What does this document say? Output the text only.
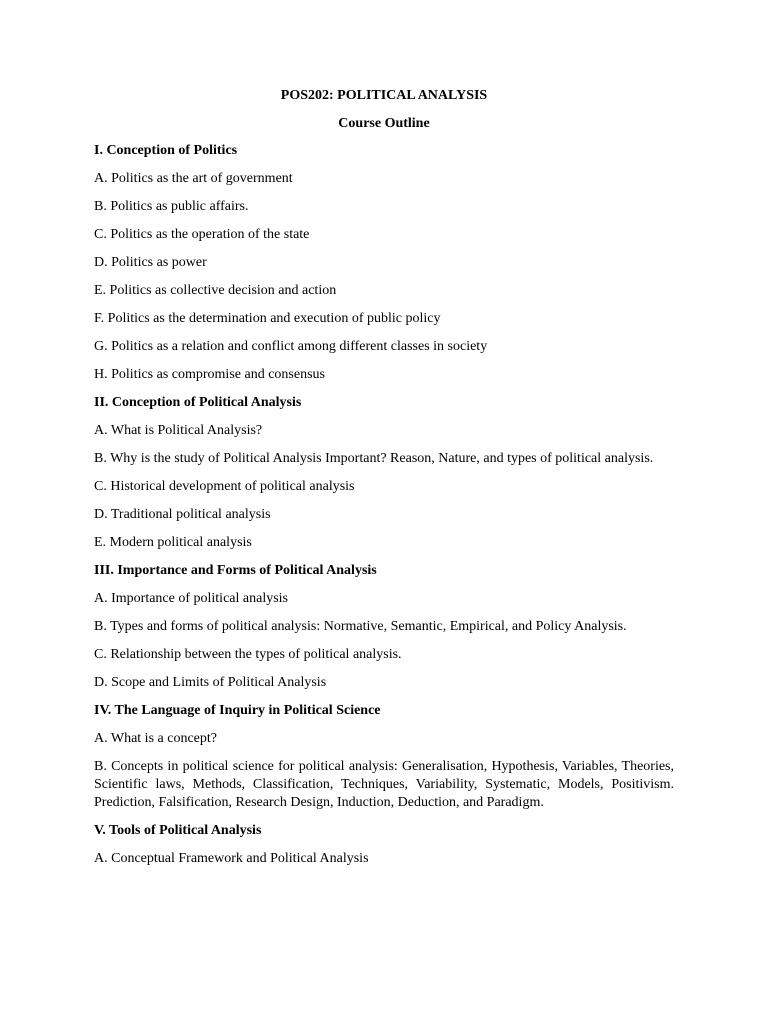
POS202: POLITICAL ANALYSIS
Course Outline
I. Conception of Politics
A. Politics as the art of government
B. Politics as public affairs.
C. Politics as the operation of the state
D. Politics as power
E. Politics as collective decision and action
F. Politics as the determination and execution of public policy
G. Politics as a relation and conflict among different classes in society
H. Politics as compromise and consensus
II. Conception of Political Analysis
A. What is Political Analysis?
B. Why is the study of Political Analysis Important? Reason, Nature, and types of political analysis.
C. Historical development of political analysis
D. Traditional political analysis
E. Modern political analysis
III. Importance and Forms of Political Analysis
A. Importance of political analysis
B. Types and forms of political analysis: Normative, Semantic, Empirical, and Policy Analysis.
C. Relationship between the types of political analysis.
D. Scope and Limits of Political Analysis
IV. The Language of Inquiry in Political Science
A. What is a concept?
B. Concepts in political science for political analysis: Generalisation, Hypothesis, Variables, Theories, Scientific laws, Methods, Classification, Techniques, Variability, Systematic, Models, Positivism. Prediction, Falsification, Research Design, Induction, Deduction, and Paradigm.
V. Tools of Political Analysis
A. Conceptual Framework and Political Analysis
